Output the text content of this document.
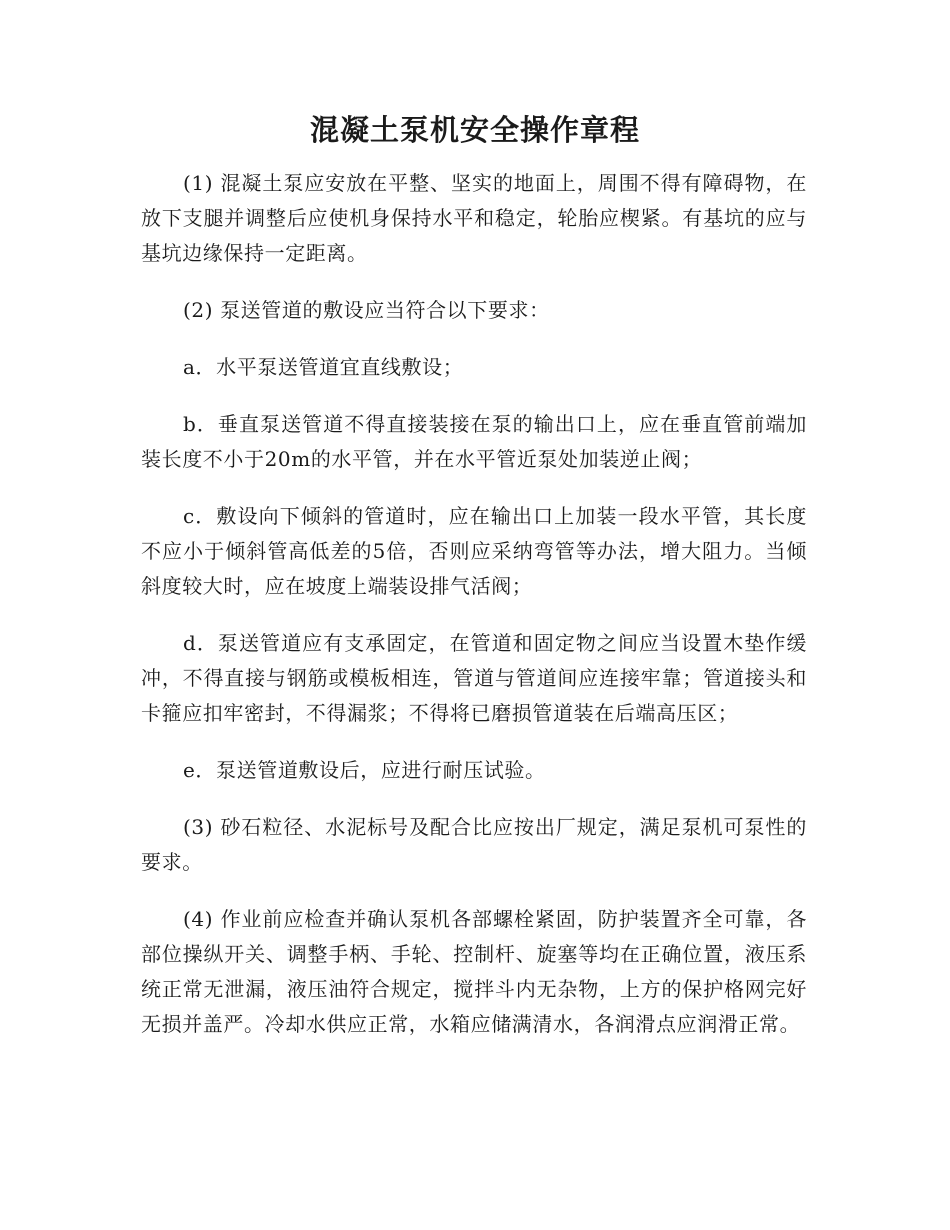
混凝土泵机安全操作章程

(1) 混凝土泵应安放在平整、坚实的地面上，周围不得有障碍物，在放下支腿并调整后应使机身保持水平和稳定，轮胎应楔紧。有基坑的应与基坑边缘保持一定距离。

(2) 泵送管道的敷设应当符合以下要求：

a．水平泵送管道宜直线敷设；

b．垂直泵送管道不得直接装接在泵的输出口上，应在垂直管前端加装长度不小于20m的水平管，并在水平管近泵处加装逆止阀；

c．敷设向下倾斜的管道时，应在输出口上加装一段水平管，其长度不应小于倾斜管高低差的5倍，否则应采纳弯管等办法，增大阻力。当倾斜度较大时，应在坡度上端装设排气活阀；

d．泵送管道应有支承固定，在管道和固定物之间应当设置木垫作缓冲，不得直接与钢筋或模板相连，管道与管道间应连接牢靠；管道接头和卡箍应扣牢密封，不得漏浆；不得将已磨损管道装在后端高压区；

e．泵送管道敷设后，应进行耐压试验。

(3) 砂石粒径、水泥标号及配合比应按出厂规定，满足泵机可泵性的要求。

(4) 作业前应检查并确认泵机各部螺栓紧固，防护装置齐全可靠，各部位操纵开关、调整手柄、手轮、控制杆、旋塞等均在正确位置，液压系统正常无泄漏，液压油符合规定，搅拌斗内无杂物，上方的保护格网完好无损并盖严。冷却水供应正常，水箱应储满清水，各润滑点应润滑正常。
